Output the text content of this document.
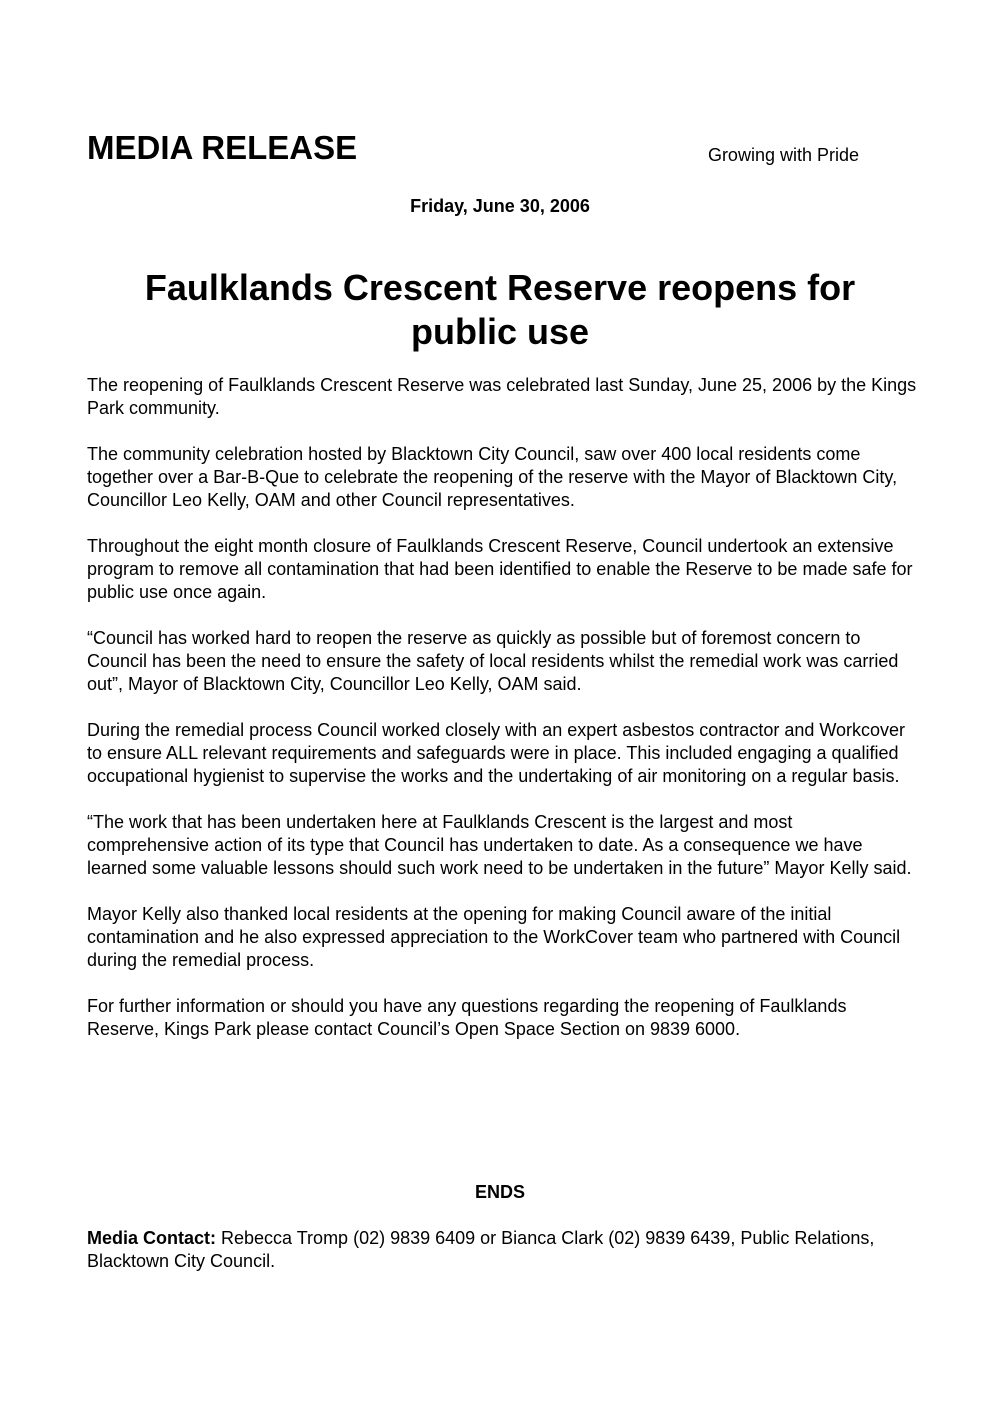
MEDIA RELEASE	Growing with Pride
Friday, June 30, 2006
Faulklands Crescent Reserve reopens for public use

The reopening of Faulklands Crescent Reserve was celebrated last Sunday, June 25, 2006 by the Kings Park community.

The community celebration hosted by Blacktown City Council, saw over 400 local residents come together over a Bar-B-Que to celebrate the reopening of the reserve with the Mayor of Blacktown City, Councillor Leo Kelly, OAM and other Council representatives.

Throughout the eight month closure of Faulklands Crescent Reserve, Council undertook an extensive program to remove all contamination that had been identified to enable the Reserve to be made safe for public use once again.

“Council has worked hard to reopen the reserve as quickly as possible but of foremost concern to Council has been the need to ensure the safety of local residents whilst the remedial work was carried out”, Mayor of Blacktown City, Councillor Leo Kelly, OAM said.

During the remedial process Council worked closely with an expert asbestos contractor and Workcover to ensure ALL relevant requirements and safeguards were in place. This included engaging a qualified occupational hygienist to supervise the works and the undertaking of air monitoring on a regular basis.

“The work that has been undertaken here at Faulklands Crescent is the largest and most comprehensive action of its type that Council has undertaken to date. As a consequence we have learned some valuable lessons should such work need to be undertaken in the future” Mayor Kelly said.

Mayor Kelly also thanked local residents at the opening for making Council aware of the initial contamination and he also expressed appreciation to the WorkCover team who partnered with Council during the remedial process.

For further information or should you have any questions regarding the reopening of Faulklands Reserve, Kings Park please contact Council’s Open Space Section on 9839 6000.

ENDS

Media Contact: Rebecca Tromp (02) 9839 6409 or Bianca Clark (02) 9839 6439, Public Relations, Blacktown City Council.
